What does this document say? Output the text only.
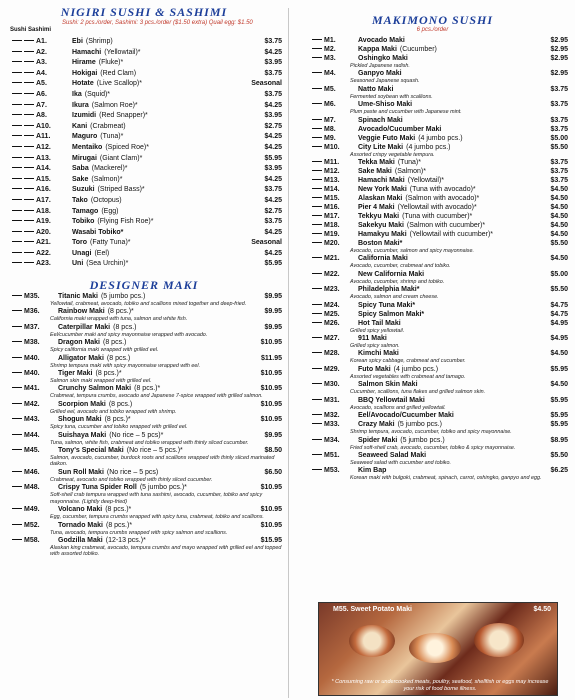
NIGIRI SUSHI & SASHIMI
Sushi: 2 pcs./order, Sashimi: 3 pcs./order ($1.50 extra) Quail egg: $1.50
Sushi Sashimi
A1.	Ebi (Shrimp)	$3.75
A2.	Hamachi (Yellowtail)*	$4.25
A3.	Hirame (Fluke)*	$3.95
A4.	Hokigai (Red Clam)	$3.75
A5.	Hotate (Live Scallop)*	Seasonal
A6.	Ika (Squid)*	$3.75
A7.	Ikura (Salmon Roe)*	$4.25
A8.	Izumidi (Red Snapper)*	$3.95
A10.	Kani (Crabmeat)	$2.75
A11.	Maguro (Tuna)*	$4.25
A12.	Mentaiko (Spiced Roe)*	$4.25
A13.	Mirugai (Giant Clam)*	$5.95
A14.	Saba (Mackerel)*	$3.95
A15.	Sake (Salmon)*	$4.25
A16.	Suzuki (Striped Bass)*	$3.75
A17.	Tako (Octopus)	$4.25
A18.	Tamago (Egg)	$2.75
A19.	Tobiko (Flying Fish Roe)*	$3.75
A20.	Wasabi Tobiko*	$4.25
A21.	Toro (Fatty Tuna)*	Seasonal
A22.	Unagi (Eel)	$4.25
A23.	Uni (Sea Urchin)*	$5.95
DESIGNER MAKI
M35.	Titanic Maki (5 jumbo pcs.)	$9.95
Yellowtail, crabmeat, avocado, tobiko and scallions mixed together and deep-fried.
M36.	Rainbow Maki (8 pcs.)*	$9.95
California maki wrapped with tuna, salmon and white fish.
M37.	Caterpillar Maki (8 pcs.)	$9.95
Eel/cucumber maki and spicy mayonnaise wrapped with avocado.
M38.	Dragon Maki (8 pcs.)	$10.95
Spicy california maki wrapped with grilled eel.
M40.	Alligator Maki (8 pcs.)	$11.95
Shrimp tempura maki with spicy mayonnaise wrapped with eel.
M40.	Tiger Maki (8 pcs.)*	$10.95
Salmon skin maki wrapped with grilled eel.
M41.	Crunchy Salmon Maki (8 pcs.)*	$10.95
Crabmeat, tempura crumbs, avocado and Japanese 7-spice wrapped with grilled salmon.
M42.	Scorpion Maki (8 pcs.)	$10.95
Grilled eel, avocado and tobiko wrapped with shrimp.
M43.	Shogun Maki (8 pcs.)*	$10.95
Spicy tuna, cucumber and tobiko wrapped with grilled eel.
M44.	Suishaya Maki (No rice – 5 pcs)*	$9.95
Tuna, salmon, white fish, crabmeat and tobiko wrapped with thinly sliced cucumber.
M45.	Tony's Special Maki (No rice – 5 pcs.)*	$8.50
Salmon, avocado, cucumber, burdock roots and scallions wrapped with thinly sliced marinated daikon.
M46.	Sun Roll Maki (No rice – 5 pcs)	$6.50
Crabmeat, avocado and tobiko wrapped with thinly sliced cucumber.
M48.	Crispy Tuna Spider Roll (5 jumbo pcs.)*	$10.95
Soft-shell crab tempura wrapped with tuna sashimi, avocado, cucumber, tobiko and spicy mayonnaise. (Lightly deep-fried)
M49.	Volcano Maki (8 pcs.)*	$10.95
Egg, cucumber, tempura crumbs wrapped with spicy tuna, crabmeat, tobiko and scallions.
M52.	Tornado Maki (8 pcs.)*	$10.95
Tuna, avocado, tempura crumbs wrapped with spicy salmon and scallions.
M58.	Godzilla Maki (12-13 pcs.)*	$15.95
Alaskan king crabmeat, avocado, tempura crumbs and mayo wrapped with grilled eel and topped with assorted tobiko.
MAKIMONO SUSHI
6 pcs./order
M1.	Avocado Maki	$2.95
M2.	Kappa Maki (Cucumber)	$2.95
M3.	Oshingko Maki	$2.95
Pickled Japanese radish.
M4.	Ganpyo Maki	$2.95
Seasoned Japanese squash.
M5.	Natto Maki	$3.75
Fermented soybean with scallions.
M6.	Ume-Shiso Maki	$3.75
Plum paste and cucumber with Japanese mint.
M7.	Spinach Maki	$3.75
M8.	Avocado/Cucumber Maki	$3.75
M9.	Veggie Futo Maki (4 jumbo pcs.)	$5.00
M10.	City Lite Maki (4 jumbo pcs.)	$5.50
Assorted crispy vegetable tempura.
M11.	Tekka Maki (Tuna)*	$3.75
M12.	Sake Maki (Salmon)*	$3.75
M13.	Hamachi Maki (Yellowtail)*	$3.75
M14.	New York Maki (Tuna with avocado)*	$4.50
M15.	Alaskan Maki (Salmon with avocado)*	$4.50
M16.	Pier 4 Maki (Yellowtail with avocado)*	$4.50
M17.	Tekkyu Maki (Tuna with cucumber)*	$4.50
M18.	Sakekyu Maki (Salmon with cucumber)*	$4.50
M19.	Hamakyu Maki (Yellowtail with cucumber)*	$4.50
M20.	Boston Maki*	$5.50
Avocado, cucumber, salmon and spicy mayonnaise.
M21.	California Maki	$4.50
Avocado, cucumber, crabmeat and tobiko.
M22.	New California Maki	$5.00
Avocado, cucumber, shrimp and tobiko.
M23.	Philadelphia Maki*	$5.50
Avocado, salmon and cream cheese.
M24.	Spicy Tuna Maki*	$4.75
M25.	Spicy Salmon Maki*	$4.75
M26.	Hot Tail Maki	$4.95
Grilled spicy yellowtail.
M27.	911 Maki	$4.95
Grilled spicy salmon.
M28.	Kimchi Maki	$4.50
Korean spicy cabbage, crabmeat and cucumber.
M29.	Futo Maki (4 jumbo pcs.)	$5.95
Assorted vegetables with crabmeat and tamago.
M30.	Salmon Skin Maki	$4.50
Cucumber, scallions, tuna flakes and grilled salmon skin.
M31.	BBQ Yellowtail Maki	$5.95
Avocado, scallions and grilled yellowtail.
M32.	Eel/Avocado/Cucumber Maki	$5.95
M33.	Crazy Maki (5 jumbo pcs.)	$5.95
Shrimp tempura, avocado, cucumber, tobiko and spicy mayonnaise.
M34.	Spider Maki (5 jumbo pcs.)	$8.95
Fried soft-shell crab, avocado, cucumber, tobiko & spicy mayonnaise.
M51.	Seaweed Salad Maki	$5.50
Seaweed salad with cucumber and tobiko.
M53.	Kim Bap	$6.25
Korean maki with bulgoki, crabmeat, spinach, carrot, oshingko, ganpyo and egg.
M55. Sweet Potato Maki	$4.50
* Consuming raw or undercooked meats, poultry, seafood, shellfish or eggs may increase your risk of food borne illness.
